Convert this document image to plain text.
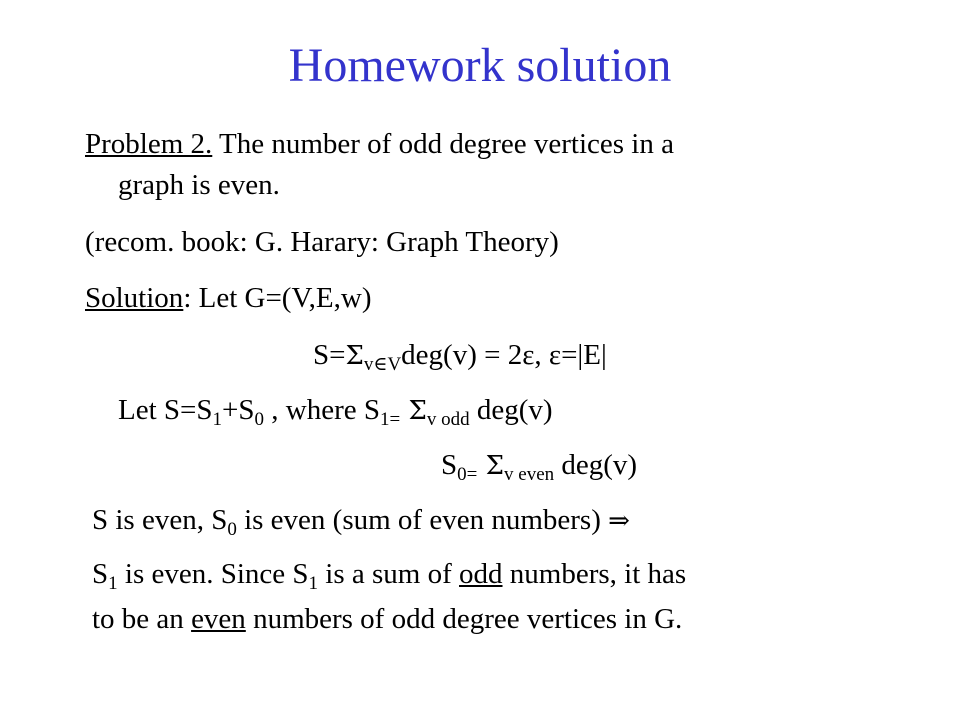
Homework solution
Problem 2. The number of odd degree vertices in a
graph is even.
(recom. book: G. Harary: Graph Theory)
Solution: Let G=(V,E,w)
$S=\Sigma_{v\in V}deg(v) = 2\varepsilon$, ε=|E|
Let $S=S_1+S_0$ , where $S_{1=}$ $\Sigma_{v odd}$ deg(v)
$S_{0=}$ $\Sigma_{v even}$ deg(v)
S is even, $S_0$ is even (sum of even numbers) ⇒
$S_1$ is even. Since $S_1$ is a sum of odd numbers, it has
to be an even numbers of odd degree vertices in G.
